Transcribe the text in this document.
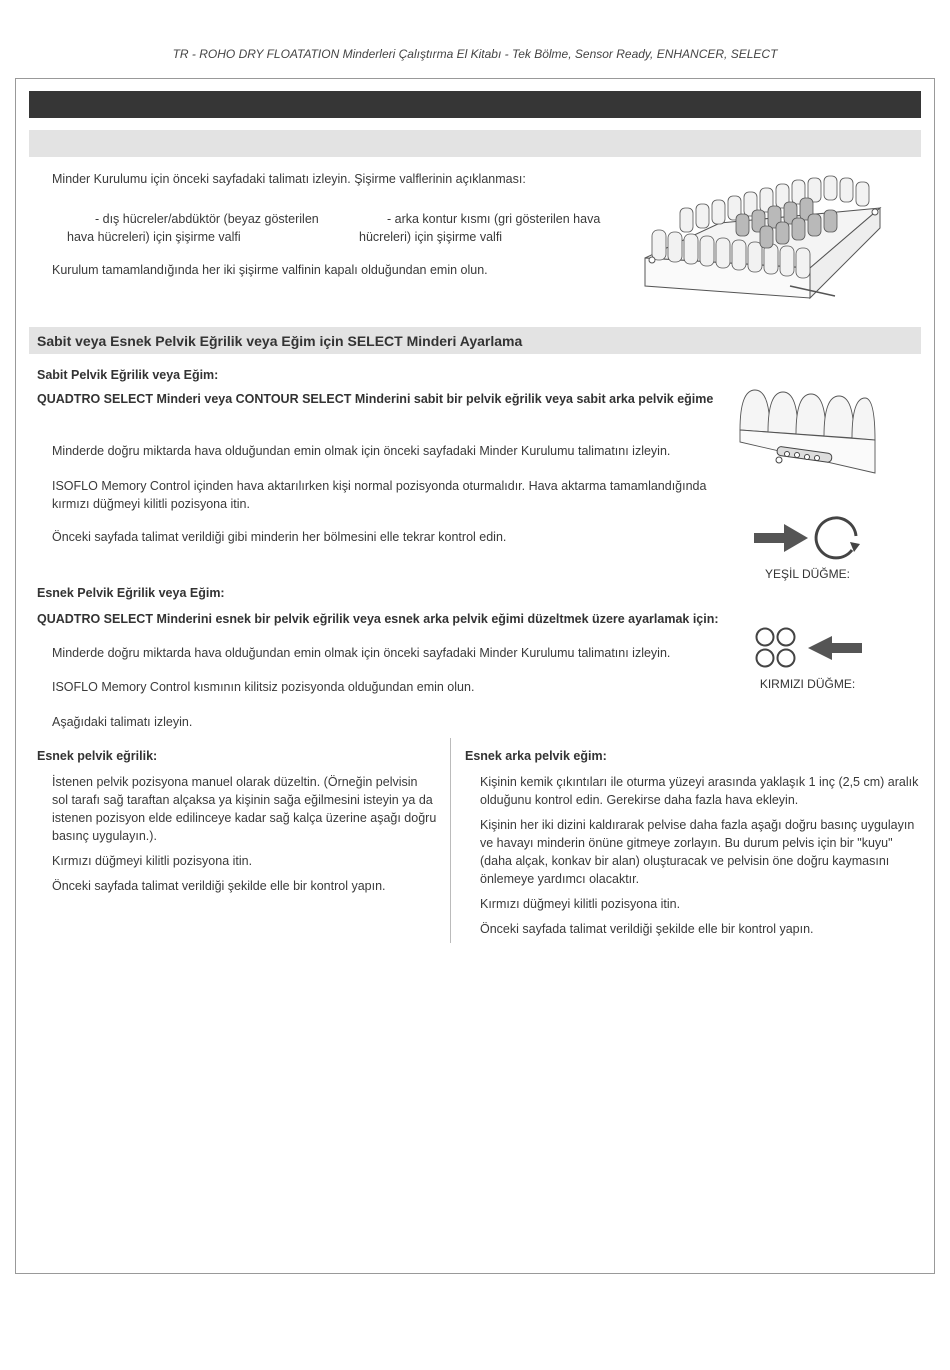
TR - ROHO DRY FLOATATION Minderleri Çalıştırma El Kitabı - Tek Bölme, Sensor Ready, ENHANCER, SELECT
Minder Kurulumu için önceki sayfadaki talimatı izleyin. Şişirme valflerinin açıklanması:
- dış hücreler/abdüktör (beyaz gösterilen
hava hücreleri) için şişirme valfi
- arka kontur kısmı (gri gösterilen hava
hücreleri) için şişirme valfi
Kurulum tamamlandığında her iki şişirme valfinin kapalı olduğundan emin olun.
Sabit veya Esnek Pelvik Eğrilik veya Eğim için SELECT Minderi Ayarlama
Sabit Pelvik Eğrilik veya Eğim:
QUADTRO SELECT Minderi veya CONTOUR SELECT Minderini sabit bir pelvik eğrilik veya sabit arka pelvik eğime
Minderde doğru miktarda hava olduğundan emin olmak için önceki sayfadaki Minder Kurulumu talimatını izleyin.
ISOFLO Memory Control içinden hava aktarılırken kişi normal pozisyonda oturmalıdır. Hava aktarma tamamlandığında
kırmızı düğmeyi kilitli pozisyona itin.
Önceki sayfada talimat verildiği gibi minderin her bölmesini elle tekrar kontrol edin.
Esnek Pelvik Eğrilik veya Eğim:
QUADTRO SELECT Minderini esnek bir pelvik eğrilik veya esnek arka pelvik eğimi düzeltmek üzere ayarlamak için:
Minderde doğru miktarda hava olduğundan emin olmak için önceki sayfadaki Minder Kurulumu talimatını izleyin.
ISOFLO Memory Control kısmının kilitsiz pozisyonda olduğundan emin olun.
Aşağıdaki talimatı izleyin.
YEŞİL DÜĞME:
KIRMIZI DÜĞME:
Esnek pelvik eğrilik:
İstenen pelvik pozisyona manuel olarak düzeltin. (Örneğin pelvisin
sol tarafı sağ taraftan alçaksa ya kişinin sağa eğilmesini isteyin ya da
istenen pozisyon elde edilinceye kadar sağ kalça üzerine aşağı doğru
basınç uygulayın.).
Kırmızı düğmeyi kilitli pozisyona itin.
Önceki sayfada talimat verildiği şekilde elle bir kontrol yapın.
Esnek arka pelvik eğim:
Kişinin kemik çıkıntıları ile oturma yüzeyi arasında yaklaşık 1 inç (2,5 cm) aralık
olduğunu kontrol edin. Gerekirse daha fazla hava ekleyin.
Kişinin her iki dizini kaldırarak pelvise daha fazla aşağı doğru basınç uygulayın
ve havayı minderin önüne gitmeye zorlayın. Bu durum pelvis için bir "kuyu"
(daha alçak, konkav bir alan) oluşturacak ve pelvisin öne doğru kaymasını
önlemeye yardımcı olacaktır.
Kırmızı düğmeyi kilitli pozisyona itin.
Önceki sayfada talimat verildiği şekilde elle bir kontrol yapın.
